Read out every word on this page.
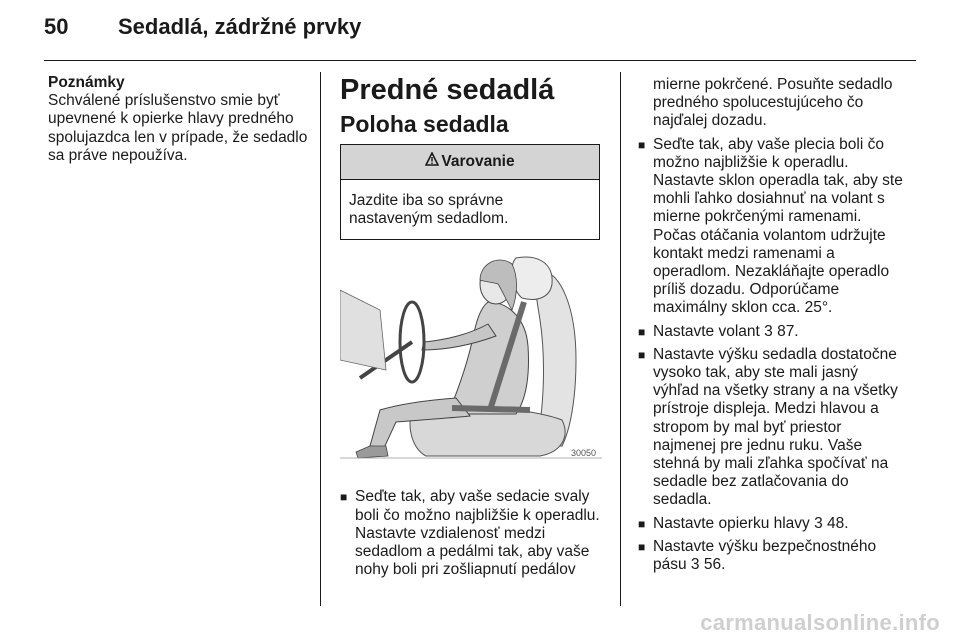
50 Sedadlá, zádržné prvky
Poznámky
Schválené príslušenstvo smie byť upevnené k opierke hlavy predného spolujazdca len v prípade, že sedadlo sa práve nepoužíva.
Predné sedadlá
Poloha sedadla
Varovanie
Jazdite iba so správne nastaveným sedadlom.
30050
■ Seďte tak, aby vaše sedacie svaly boli čo možno najbližšie k operadlu. Nastavte vzdialenosť medzi sedadlom a pedálmi tak, aby vaše nohy boli pri zošliapnutí pedálov
mierne pokrčené. Posuňte sedadlo predného spolucestujúceho čo najďalej dozadu.
■ Seďte tak, aby vaše plecia boli čo možno najbližšie k operadlu. Nastavte sklon operadla tak, aby ste mohli ľahko dosiahnuť na volant s mierne pokrčenými ramenami. Počas otáčania volantom udržujte kontakt medzi ramenami a operadlom. Nezakláňajte operadlo príliš dozadu. Odporúčame maximálny sklon cca. 25°.
■ Nastavte volant 3 87.
■ Nastavte výšku sedadla dostatočne vysoko tak, aby ste mali jasný výhľad na všetky strany a na všetky prístroje displeja. Medzi hlavou a stropom by mal byť priestor najmenej pre jednu ruku. Vaše stehná by mali zľahka spočívať na sedadle bez zatlačovania do sedadla.
■ Nastavte opierku hlavy 3 48.
■ Nastavte výšku bezpečnostného pásu 3 56.
carmanualsonline.info
